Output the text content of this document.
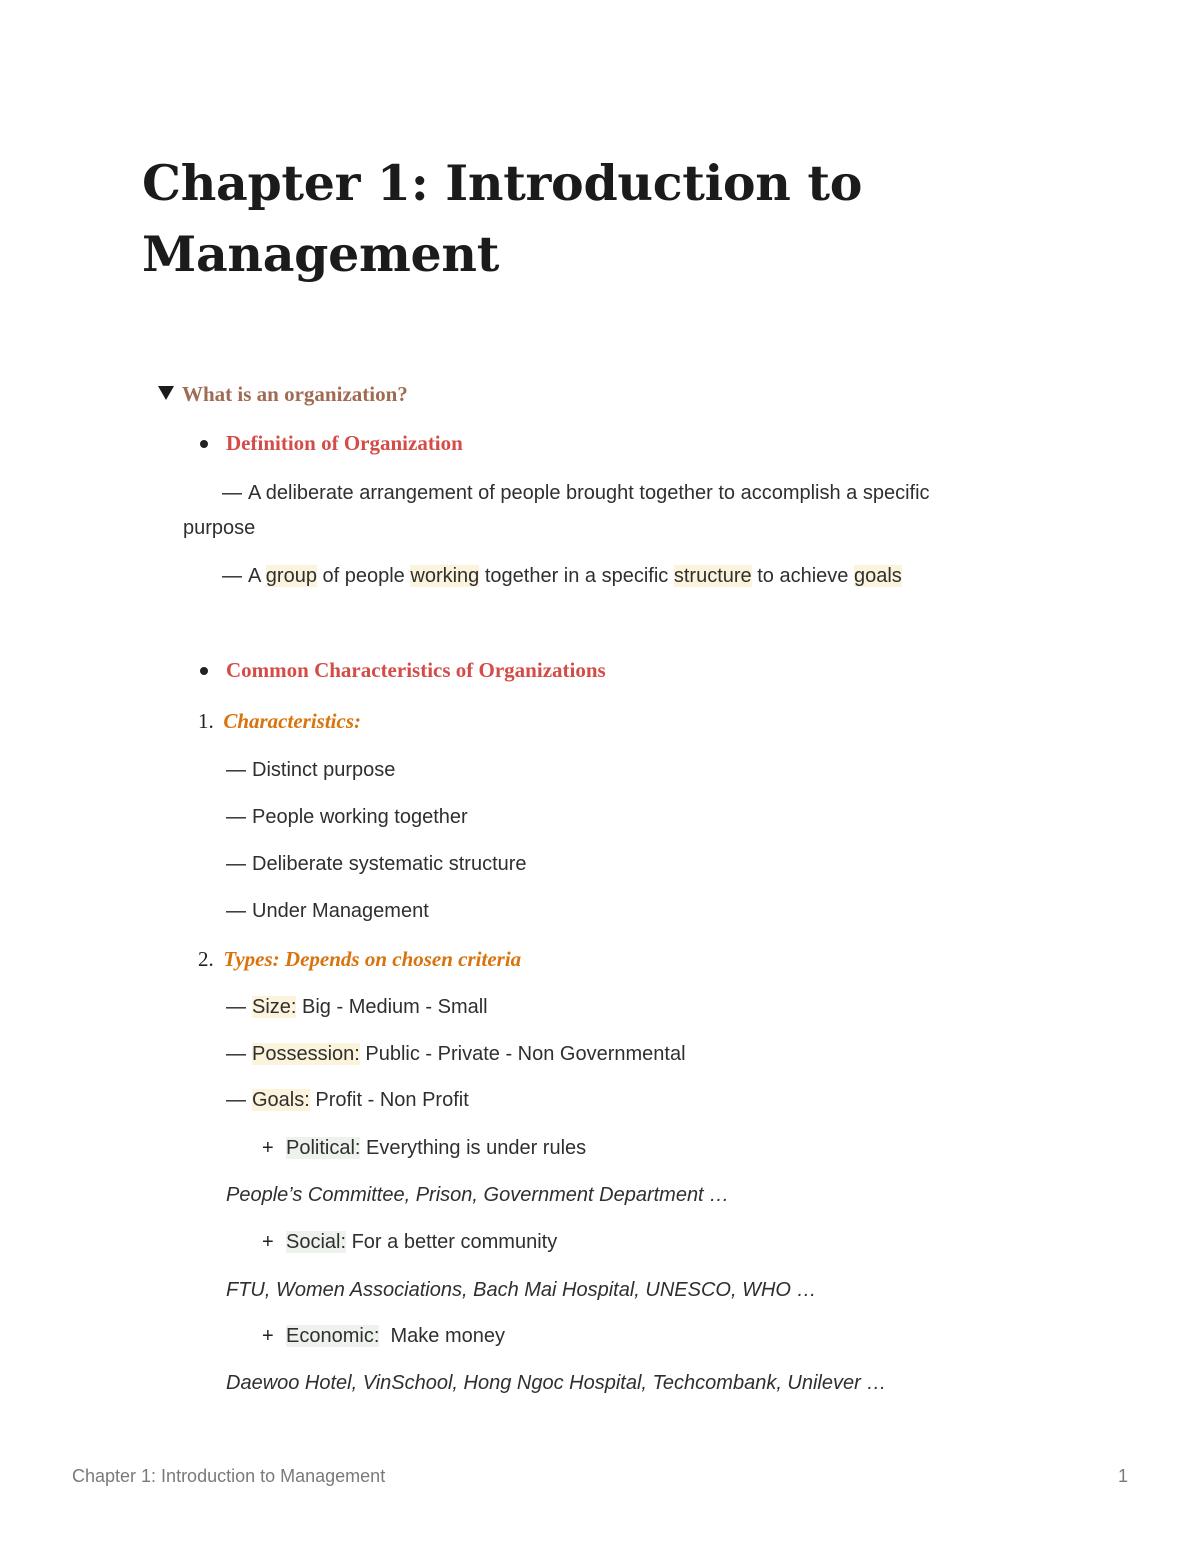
Chapter 1: Introduction to Management
What is an organization?
Definition of Organization
— A deliberate arrangement of people brought together to accomplish a specific
purpose
— A group of people working together in a specific structure to achieve goals
Common Characteristics of Organizations
1. Characteristics:
— Distinct purpose
— People working together
— Deliberate systematic structure
— Under Management
2. Types: Depends on chosen criteria
— Size: Big - Medium - Small
— Possession: Public - Private - Non Governmental
— Goals: Profit - Non Profit
+ Political: Everything is under rules
People’s Committee, Prison, Government Department …
+ Social: For a better community
FTU, Women Associations, Bach Mai Hospital, UNESCO, WHO …
+ Economic:  Make money
Daewoo Hotel, VinSchool, Hong Ngoc Hospital, Techcombank, Unilever …
Chapter 1: Introduction to Management	1
